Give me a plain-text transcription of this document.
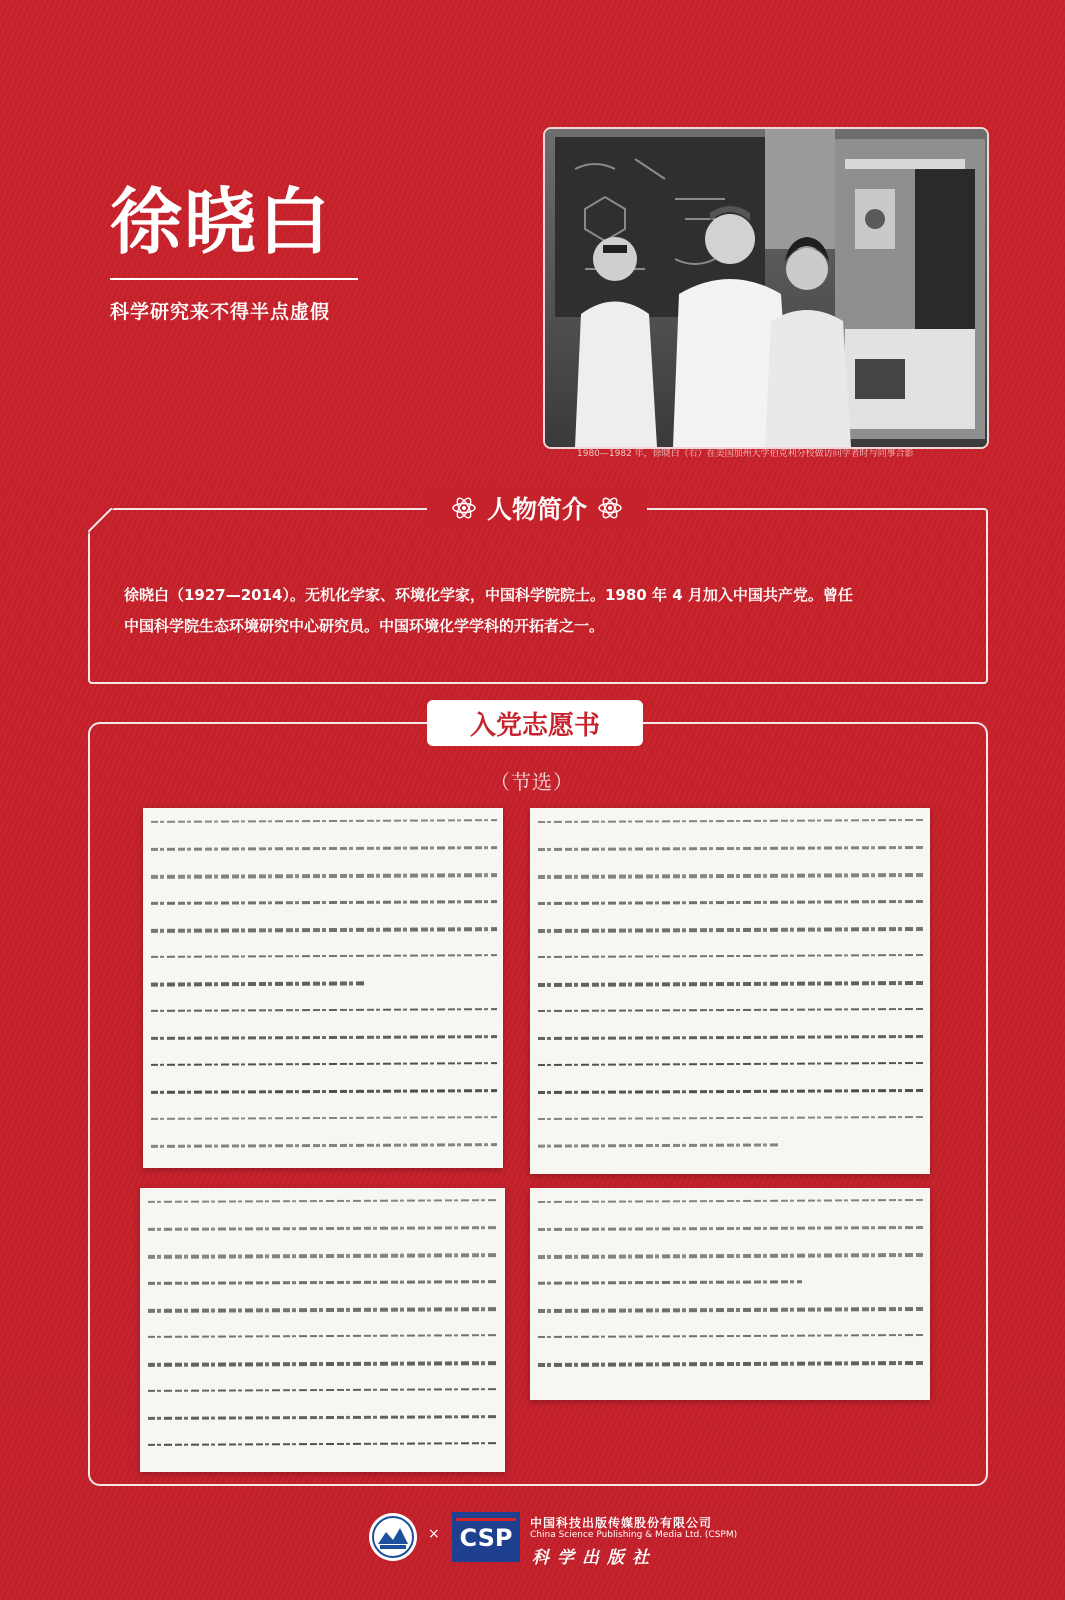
徐晓白
科学研究来不得半点虚假
1980—1982 年，徐晓白（右）在美国加州大学伯克利分校做访问学者时与同事合影
人物简介
徐晓白（1927—2014）。无机化学家、环境化学家，中国科学院院士。1980 年 4 月加入中国共产党。曾任
中国科学院生态环境研究中心研究员。中国环境化学学科的开拓者之一。
入党志愿书
（节选）
× CSP
中国科技出版传媒股份有限公司
China Science Publishing & Media Ltd. (CSPM)
科学出版社
